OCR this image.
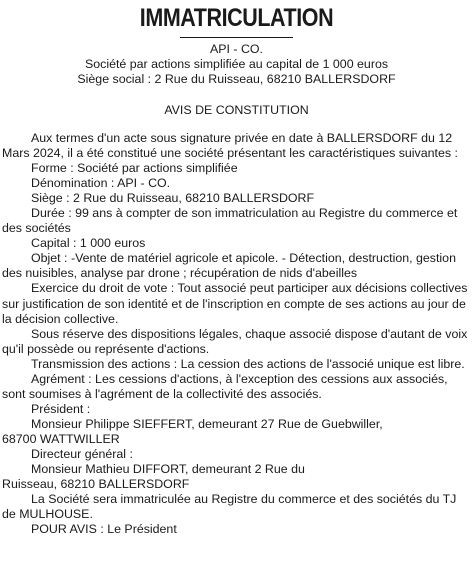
IMMATRICULATION
API - CO.
Société par actions simplifiée au capital de 1 000 euros
Siège social : 2 Rue du Ruisseau, 68210 BALLERSDORF
AVIS DE CONSTITUTION

Aux termes d'un acte sous signature privée en date à BALLERSDORF du 12 Mars 2024, il a été constitué une société présentant les caractéristiques suivantes :

Forme : Société par actions simplifiée

Dénomination : API - CO.

Siège : 2 Rue du Ruisseau, 68210 BALLERSDORF

Durée : 99 ans à compter de son immatriculation au Registre du commerce et des sociétés

Capital : 1 000 euros

Objet : -Vente de matériel agricole et apicole. - Détection, destruction, gestion des nuisibles, analyse par drone ; récupération de nids d'abeilles

Exercice du droit de vote : Tout associé peut participer aux décisions collectives sur justification de son identité et de l'inscription en compte de ses actions au jour de la décision collective.

Sous réserve des dispositions légales, chaque associé dispose d'autant de voix qu'il possède ou représente d'actions.

Transmission des actions : La cession des actions de l'associé unique est libre.

Agrément : Les cessions d'actions, à l'exception des cessions aux associés, sont soumises à l'agrément de la collectivité des associés.

Président :

Monsieur Philippe SIEFFERT, demeurant 27 Rue de Guebwiller,

68700 WATTWILLER

Directeur général :

Monsieur Mathieu DIFFORT, demeurant 2 Rue du

Ruisseau, 68210 BALLERSDORF

La Société sera immatriculée au Registre du commerce et des sociétés du TJ de MULHOUSE.

POUR AVIS : Le Président
